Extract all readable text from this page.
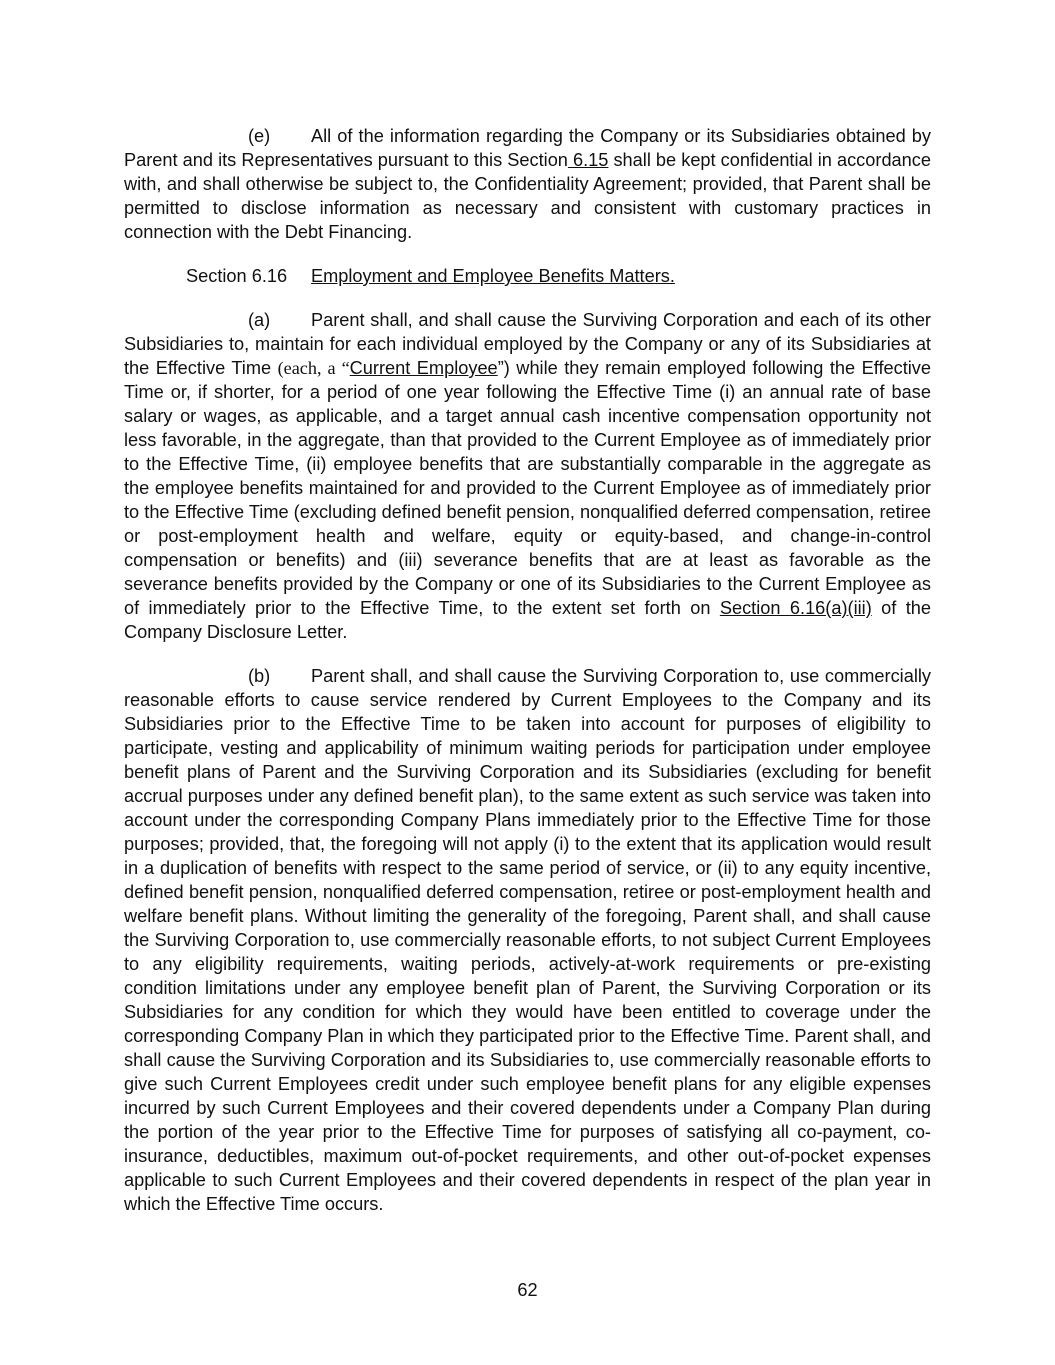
(e) All of the information regarding the Company or its Subsidiaries obtained by Parent and its Representatives pursuant to this Section 6.15 shall be kept confidential in accordance with, and shall otherwise be subject to, the Confidentiality Agreement; provided, that Parent shall be permitted to disclose information as necessary and consistent with customary practices in connection with the Debt Financing.

Section 6.16 Employment and Employee Benefits Matters.

(a) Parent shall, and shall cause the Surviving Corporation and each of its other Subsidiaries to, maintain for each individual employed by the Company or any of its Subsidiaries at the Effective Time (each, a “Current Employee”) while they remain employed following the Effective Time or, if shorter, for a period of one year following the Effective Time (i) an annual rate of base salary or wages, as applicable, and a target annual cash incentive compensation opportunity not less favorable, in the aggregate, than that provided to the Current Employee as of immediately prior to the Effective Time, (ii) employee benefits that are substantially comparable in the aggregate as the employee benefits maintained for and provided to the Current Employee as of immediately prior to the Effective Time (excluding defined benefit pension, nonqualified deferred compensation, retiree or post-employment health and welfare, equity or equity-based, and change-in-control compensation or benefits) and (iii) severance benefits that are at least as favorable as the severance benefits provided by the Company or one of its Subsidiaries to the Current Employee as of immediately prior to the Effective Time, to the extent set forth on Section 6.16(a)(iii) of the Company Disclosure Letter.

(b) Parent shall, and shall cause the Surviving Corporation to, use commercially reasonable efforts to cause service rendered by Current Employees to the Company and its Subsidiaries prior to the Effective Time to be taken into account for purposes of eligibility to participate, vesting and applicability of minimum waiting periods for participation under employee benefit plans of Parent and the Surviving Corporation and its Subsidiaries (excluding for benefit accrual purposes under any defined benefit plan), to the same extent as such service was taken into account under the corresponding Company Plans immediately prior to the Effective Time for those purposes; provided, that, the foregoing will not apply (i) to the extent that its application would result in a duplication of benefits with respect to the same period of service, or (ii) to any equity incentive, defined benefit pension, nonqualified deferred compensation, retiree or post-employment health and welfare benefit plans. Without limiting the generality of the foregoing, Parent shall, and shall cause the Surviving Corporation to, use commercially reasonable efforts, to not subject Current Employees to any eligibility requirements, waiting periods, actively-at-work requirements or pre-existing condition limitations under any employee benefit plan of Parent, the Surviving Corporation or its Subsidiaries for any condition for which they would have been entitled to coverage under the corresponding Company Plan in which they participated prior to the Effective Time. Parent shall, and shall cause the Surviving Corporation and its Subsidiaries to, use commercially reasonable efforts to give such Current Employees credit under such employee benefit plans for any eligible expenses incurred by such Current Employees and their covered dependents under a Company Plan during the portion of the year prior to the Effective Time for purposes of satisfying all co-payment, co-insurance, deductibles, maximum out-of-pocket requirements, and other out-of-pocket expenses applicable to such Current Employees and their covered dependents in respect of the plan year in which the Effective Time occurs.

62
